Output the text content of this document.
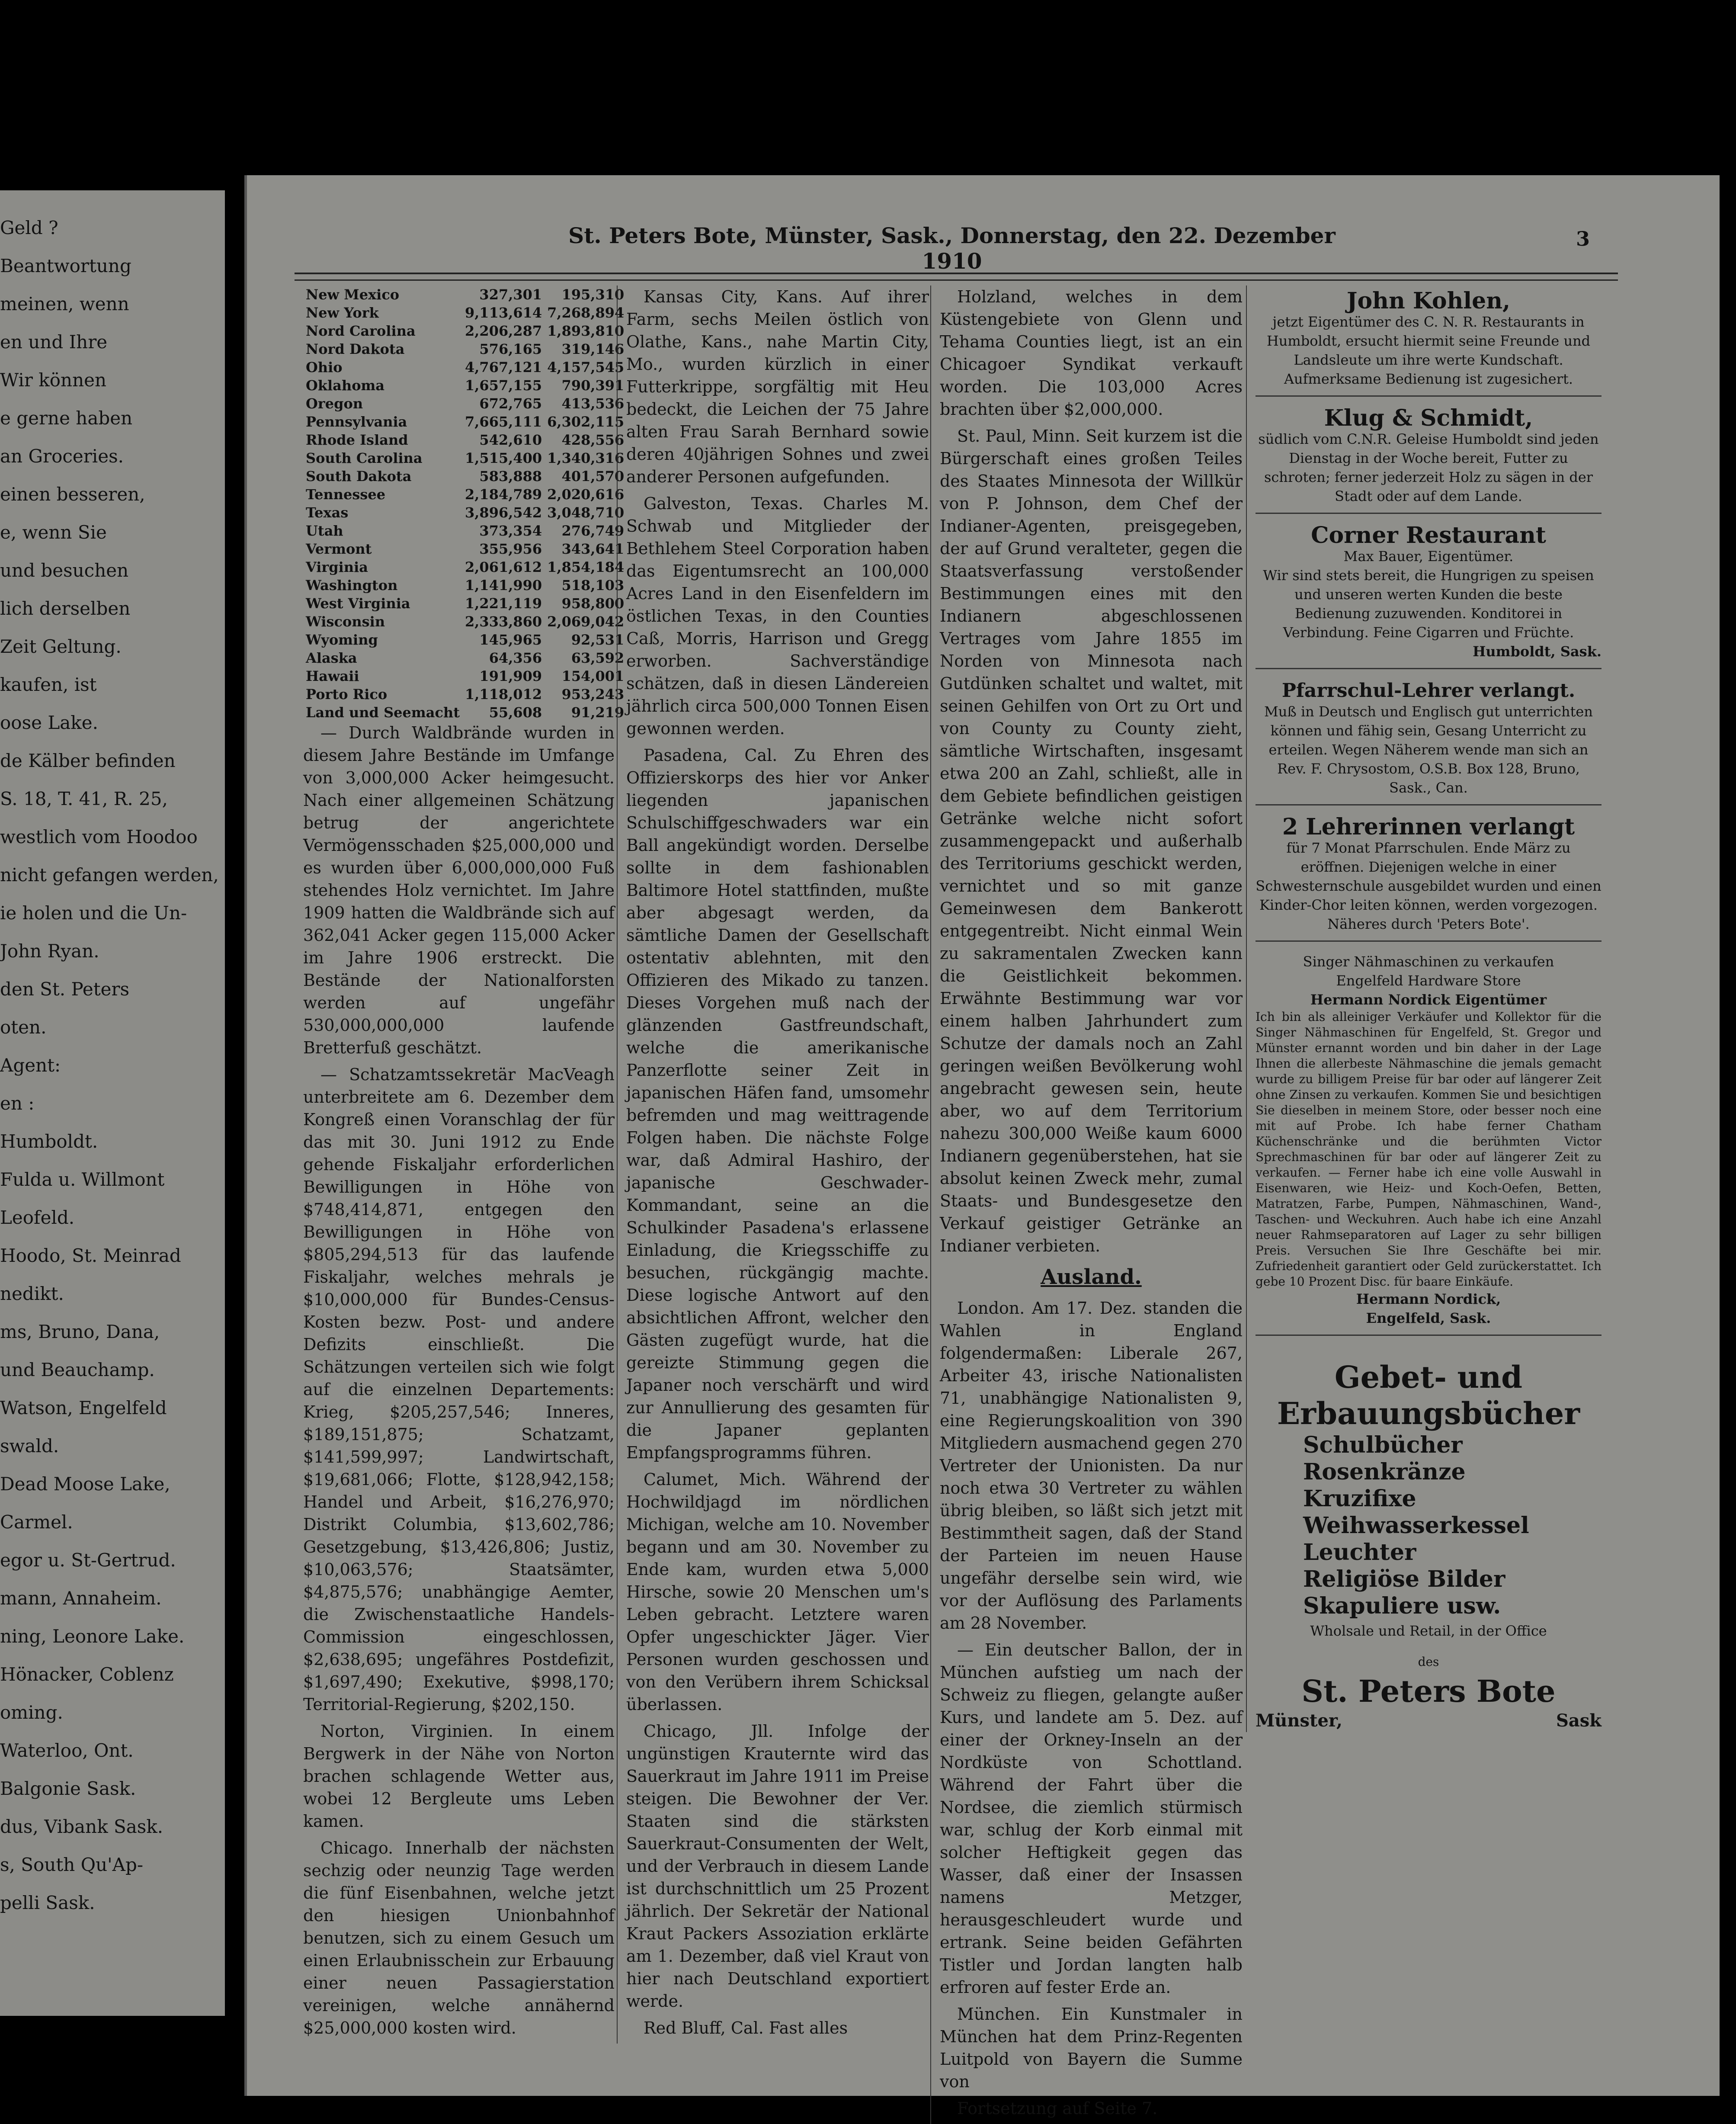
Geld ?
Beantwortung
meinen, wenn
en und Ihre
Wir können
e gerne haben
an Groceries.
einen besseren,
e, wenn Sie
und besuchen
lich derselben
Zeit Geltung.
kaufen, ist
oose Lake.
de Kälber befinden
S. 18, T. 41, R. 25,
westlich vom Hoodoo
nicht gefangen werden,
ie holen und die Un-
John Ryan.
den St. Peters
oten.
Agent:
en :
Humboldt.
Fulda u. Willmont
Leofeld.
Hoodo, St. Meinrad
nedikt.
ms, Bruno, Dana,
und Beauchamp.
Watson, Engelfeld
swald.
Dead Moose Lake,
Carmel.
egor u. St-Gertrud.
mann, Annaheim.
ning, Leonore Lake.
Hönacker, Coblenz
oming.
Waterloo, Ont.
Balgonie Sask.
dus, Vibank Sask.
s, South Qu'Ap-
pelli Sask.
St. Peters Bote, Münster, Sask., Donnerstag, den 22. Dezember 1910
3
New Mexico	327,301	195,310
New York	9,113,614	7,268,894
Nord Carolina	2,206,287	1,893,810
Nord Dakota	576,165	319,146
Ohio	4,767,121	4,157,545
Oklahoma	1,657,155	790,391
Oregon	672,765	413,536
Pennsylvania	7,665,111	6,302,115
Rhode Island	542,610	428,556
South Carolina	1,515,400	1,340,316
South Dakota	583,888	401,570
Tennessee	2,184,789	2,020,616
Texas	3,896,542	3,048,710
Utah	373,354	276,749
Vermont	355,956	343,641
Virginia	2,061,612	1,854,184
Washington	1,141,990	518,103
West Virginia	1,221,119	958,800
Wisconsin	2,333,860	2,069,042
Wyoming	145,965	92,531
Alaska	64,356	63,592
Hawaii	191,909	154,001
Porto Rico	1,118,012	953,243
Land und Seemacht	55,608	91,219

— Durch Waldbrände wurden in diesem Jahre Bestände im Umfange von 3,000,000 Acker heimgesucht. Nach einer allgemeinen Schätzung betrug der angerichtete Vermögensschaden $25,000,000 und es wurden über 6,000,000,000 Fuß stehendes Holz vernichtet. Im Jahre 1909 hatten die Waldbrände sich auf 362,041 Acker gegen 115,000 Acker im Jahre 1906 erstreckt. Die Bestände der Nationalforsten werden auf ungefähr 530,000,000,000 laufende Bretterfuß geschätzt.

— Schatzamtssekretär MacVeagh unterbreitete am 6. Dezember dem Kongreß einen Voranschlag der für das mit 30. Juni 1912 zu Ende gehende Fiskaljahr erforderlichen Bewilligungen in Höhe von $748,414,871, entgegen den Bewilligungen in Höhe von $805,294,513 für das laufende Fiskaljahr, welches mehrals je $10,000,000 für Bundes-Census-Kosten bezw. Post- und andere Defizits einschließt. Die Schätzungen verteilen sich wie folgt auf die einzelnen Departements: Krieg, $205,257,546; Inneres, $189,151,875; Schatzamt, $141,599,997; Landwirtschaft, $19,681,066; Flotte, $128,942,158; Handel und Arbeit, $16,276,970; Distrikt Columbia, $13,602,786; Gesetzgebung, $13,426,806; Justiz, $10,063,576; Staatsämter, $4,875,576; unabhängige Aemter, die Zwischenstaatliche Handels-Commission eingeschlossen, $2,638,695; ungefähres Postdefizit, $1,697,490; Exekutive, $998,170; Territorial-Regierung, $202,150.

Norton, Virginien. In einem Bergwerk in der Nähe von Norton brachen schlagende Wetter aus, wobei 12 Bergleute ums Leben kamen.

Chicago. Innerhalb der nächsten sechzig oder neunzig Tage werden die fünf Eisenbahnen, welche jetzt den hiesigen Unionbahnhof benutzen, sich zu einem Gesuch um einen Erlaubnisschein zur Erbauung einer neuen Passagierstation vereinigen, welche annähernd $25,000,000 kosten wird.

Kansas City, Kans. Auf ihrer Farm, sechs Meilen östlich von Olathe, Kans., nahe Martin City, Mo., wurden kürzlich in einer Futterkrippe, sorgfältig mit Heu bedeckt, die Leichen der 75 Jahre alten Frau Sarah Bernhard sowie deren 40jährigen Sohnes und zwei anderer Personen aufgefunden.

Galveston, Texas. Charles M. Schwab und Mitglieder der Bethlehem Steel Corporation haben das Eigentumsrecht an 100,000 Acres Land in den Eisenfeldern im östlichen Texas, in den Counties Caß, Morris, Harrison und Gregg erworben. Sachverständige schätzen, daß in diesen Ländereien jährlich circa 500,000 Tonnen Eisen gewonnen werden.

Pasadena, Cal. Zu Ehren des Offizierskorps des hier vor Anker liegenden japanischen Schulschiffgeschwaders war ein Ball angekündigt worden. Derselbe sollte in dem fashionablen Baltimore Hotel stattfinden, mußte aber abgesagt werden, da sämtliche Damen der Gesellschaft ostentativ ablehnten, mit den Offizieren des Mikado zu tanzen. Dieses Vorgehen muß nach der glänzenden Gastfreundschaft, welche die amerikanische Panzerflotte seiner Zeit in japanischen Häfen fand, umsomehr befremden und mag weittragende Folgen haben. Die nächste Folge war, daß Admiral Hashiro, der japanische Geschwader-Kommandant, seine an die Schulkinder Pasadena's erlassene Einladung, die Kriegsschiffe zu besuchen, rückgängig machte. Diese logische Antwort auf den absichtlichen Affront, welcher den Gästen zugefügt wurde, hat die gereizte Stimmung gegen die Japaner noch verschärft und wird zur Annullierung des gesamten für die Japaner geplanten Empfangsprogramms führen.

Calumet, Mich. Während der Hochwildjagd im nördlichen Michigan, welche am 10. November begann und am 30. November zu Ende kam, wurden etwa 5,000 Hirsche, sowie 20 Menschen um's Leben gebracht. Letztere waren Opfer ungeschickter Jäger. Vier Personen wurden geschossen und von den Verübern ihrem Schicksal überlassen.

Chicago, Jll. Infolge der ungünstigen Krauternte wird das Sauerkraut im Jahre 1911 im Preise steigen. Die Bewohner der Ver. Staaten sind die stärksten Sauerkraut-Consumenten der Welt, und der Verbrauch in diesem Lande ist durchschnittlich um 25 Prozent jährlich. Der Sekretär der National Kraut Packers Assoziation erklärte am 1. Dezember, daß viel Kraut von hier nach Deutschland exportiert werde.

Red Bluff, Cal. Fast alles

Holzland, welches in dem Küstengebiete von Glenn und Tehama Counties liegt, ist an ein Chicagoer Syndikat verkauft worden. Die 103,000 Acres brachten über $2,000,000.

St. Paul, Minn. Seit kurzem ist die Bürgerschaft eines großen Teiles des Staates Minnesota der Willkür von P. Johnson, dem Chef der Indianer-Agenten, preisgegeben, der auf Grund veralteter, gegen die Staatsverfassung verstoßender Bestimmungen eines mit den Indianern abgeschlossenen Vertrages vom Jahre 1855 im Norden von Minnesota nach Gutdünken schaltet und waltet, mit seinen Gehilfen von Ort zu Ort und von County zu County zieht, sämtliche Wirtschaften, insgesamt etwa 200 an Zahl, schließt, alle in dem Gebiete befindlichen geistigen Getränke welche nicht sofort zusammengepackt und außerhalb des Territoriums geschickt werden, vernichtet und so mit ganze Gemeinwesen dem Bankerott entgegentreibt. Nicht einmal Wein zu sakramentalen Zwecken kann die Geistlichkeit bekommen. Erwähnte Bestimmung war vor einem halben Jahrhundert zum Schutze der damals noch an Zahl geringen weißen Bevölkerung wohl angebracht gewesen sein, heute aber, wo auf dem Territorium nahezu 300,000 Weiße kaum 6000 Indianern gegenüberstehen, hat sie absolut keinen Zweck mehr, zumal Staats- und Bundesgesetze den Verkauf geistiger Getränke an Indianer verbieten.

Ausland.

London. Am 17. Dez. standen die Wahlen in England folgendermaßen: Liberale 267, Arbeiter 43, irische Nationalisten 71, unabhängige Nationalisten 9, eine Regierungskoalition von 390 Mitgliedern ausmachend gegen 270 Vertreter der Unionisten. Da nur noch etwa 30 Vertreter zu wählen übrig bleiben, so läßt sich jetzt mit Bestimmtheit sagen, daß der Stand der Parteien im neuen Hause ungefähr derselbe sein wird, wie vor der Auflösung des Parlaments am 28 November.

— Ein deutscher Ballon, der in München aufstieg um nach der Schweiz zu fliegen, gelangte außer Kurs, und landete am 5. Dez. auf einer der Orkney-Inseln an der Nordküste von Schottland. Während der Fahrt über die Nordsee, die ziemlich stürmisch war, schlug der Korb einmal mit solcher Heftigkeit gegen das Wasser, daß einer der Insassen namens Metzger, herausgeschleudert wurde und ertrank. Seine beiden Gefährten Tistler und Jordan langten halb erfroren auf fester Erde an.

München. Ein Kunstmaler in München hat dem Prinz-Regenten Luitpold von Bayern die Summe von

Fortsetzung auf Seite 7.

John Kohlen,
jetzt Eigentümer des C. N. R. Restaurants in Humboldt, ersucht hiermit seine Freunde und Landsleute um ihre werte Kundschaft. Aufmerksame Bedienung ist zugesichert.
Klug & Schmidt,
südlich vom C.N.R. Geleise Humboldt sind jeden Dienstag in der Woche bereit, Futter zu schroten; ferner jederzeit Holz zu sägen in der Stadt oder auf dem Lande.
Corner Restaurant
Max Bauer, Eigentümer.
Wir sind stets bereit, die Hungrigen zu speisen und unseren werten Kunden die beste Bedienung zuzuwenden. Konditorei in Verbindung. Feine Cigarren und Früchte.
Humboldt, Sask.
Pfarrschul-Lehrer verlangt.
Muß in Deutsch und Englisch gut unterrichten können und fähig sein, Gesang Unterricht zu erteilen. Wegen Näherem wende man sich an
Rev. F. Chrysostom, O.S.B. Box 128, Bruno, Sask., Can.
2 Lehrerinnen verlangt
für 7 Monat Pfarrschulen. Ende März zu eröffnen. Diejenigen welche in einer Schwesternschule ausgebildet wurden und einen Kinder-Chor leiten können, werden vorgezogen. Näheres durch 'Peters Bote'.
Singer Nähmaschinen zu verkaufen
Engelfeld Hardware Store
Hermann Nordick Eigentümer
Ich bin als alleiniger Verkäufer und Kollektor für die Singer Nähmaschinen für Engelfeld, St. Gregor und Münster ernannt worden und bin daher in der Lage Ihnen die allerbeste Nähmaschine die jemals gemacht wurde zu billigem Preise für bar oder auf längerer Zeit ohne Zinsen zu verkaufen. Kommen Sie und besichtigen Sie dieselben in meinem Store, oder besser noch eine mit auf Probe. Ich habe ferner Chatham Küchenschränke und die berühmten Victor Sprechmaschinen für bar oder auf längerer Zeit zu verkaufen. — Ferner habe ich eine volle Auswahl in Eisenwaren, wie Heiz- und Koch-Oefen, Betten, Matratzen, Farbe, Pumpen, Nähmaschinen, Wand-, Taschen- und Weckuhren. Auch habe ich eine Anzahl neuer Rahmseparatoren auf Lager zu sehr billigen Preis. Versuchen Sie Ihre Geschäfte bei mir. Zufriedenheit garantiert oder Geld zurückerstattet. Ich gebe 10 Prozent Disc. für baare Einkäufe.
Hermann Nordick,
Engelfeld, Sask.
Gebet- und
Erbauungsbücher
Schulbücher
Rosenkränze
Kruzifixe
Weihwasserkessel
Leuchter
Religiöse Bilder
Skapuliere usw.
Wholsale und Retail, in der Office
des
St. Peters Bote
Münster,	Sask
